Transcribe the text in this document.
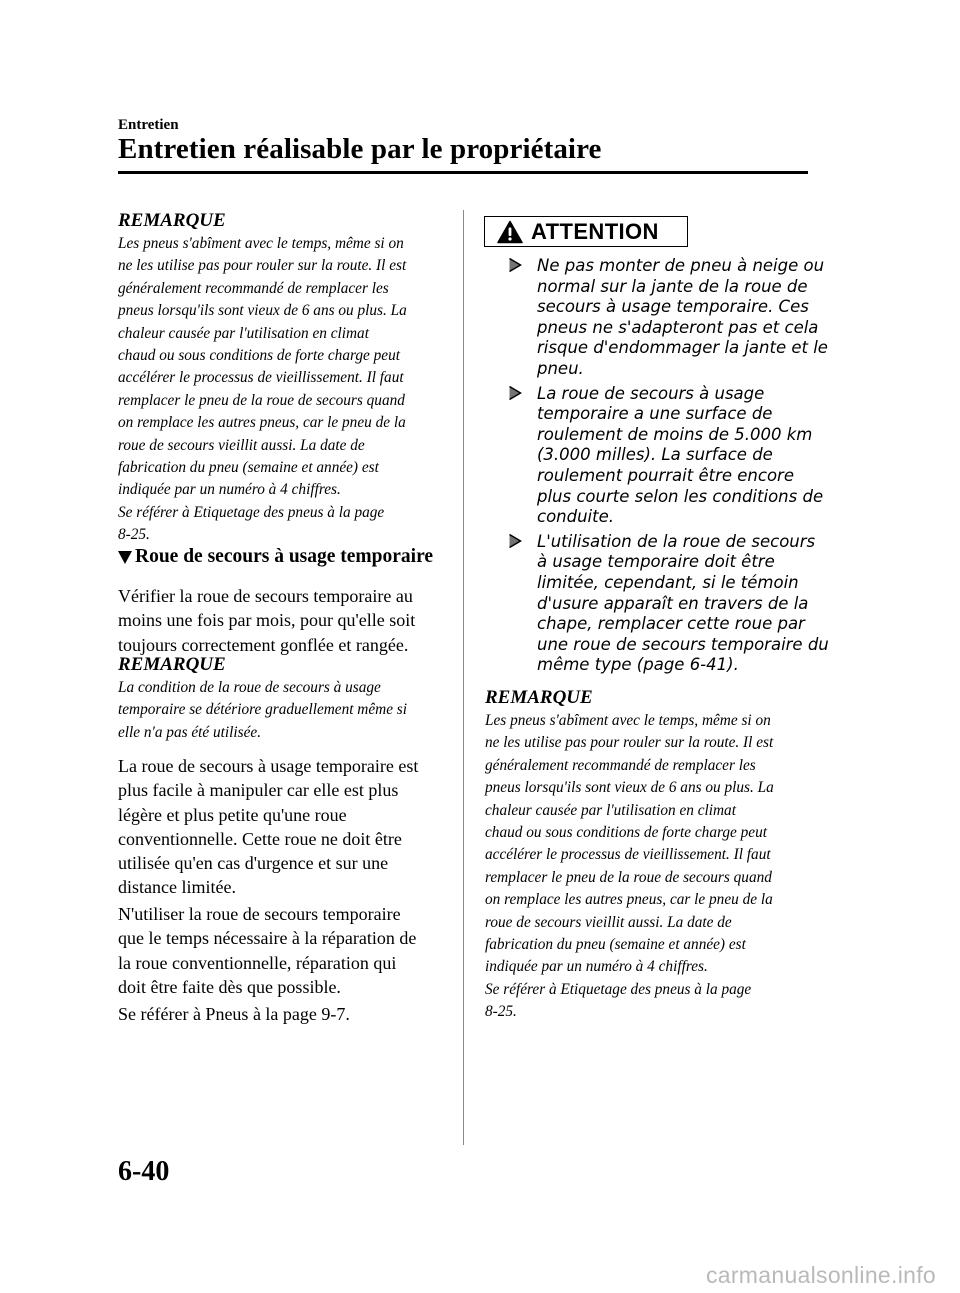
Entretien
Entretien réalisable par le propriétaire
REMARQUE
Les pneus s'abîment avec le temps, même si on
ne les utilise pas pour rouler sur la route. Il est
généralement recommandé de remplacer les
pneus lorsqu'ils sont vieux de 6 ans ou plus. La
chaleur causée par l'utilisation en climat
chaud ou sous conditions de forte charge peut
accélérer le processus de vieillissement. Il faut
remplacer le pneu de la roue de secours quand
on remplace les autres pneus, car le pneu de la
roue de secours vieillit aussi. La date de
fabrication du pneu (semaine et année) est
indiquée par un numéro à 4 chiffres.
Se référer à Etiquetage des pneus à la page
8-25.
Roue de secours à usage temporaire
Vérifier la roue de secours temporaire au
moins une fois par mois, pour qu'elle soit
toujours correctement gonflée et rangée.
REMARQUE
La condition de la roue de secours à usage
temporaire se détériore graduellement même si
elle n'a pas été utilisée.
La roue de secours à usage temporaire est
plus facile à manipuler car elle est plus
légère et plus petite qu'une roue
conventionnelle. Cette roue ne doit être
utilisée qu'en cas d'urgence et sur une
distance limitée.
N'utiliser la roue de secours temporaire
que le temps nécessaire à la réparation de
la roue conventionnelle, réparation qui
doit être faite dès que possible.
Se référer à Pneus à la page 9-7.
ATTENTION
Ne pas monter de pneu à neige ou
normal sur la jante de la roue de
secours à usage temporaire. Ces
pneus ne s'adapteront pas et cela
risque d'endommager la jante et le
pneu.
La roue de secours à usage
temporaire a une surface de
roulement de moins de 5.000 km
(3.000 milles). La surface de
roulement pourrait être encore
plus courte selon les conditions de
conduite.
L'utilisation de la roue de secours
à usage temporaire doit être
limitée, cependant, si le témoin
d'usure apparaît en travers de la
chape, remplacer cette roue par
une roue de secours temporaire du
même type (page 6-41).
REMARQUE
Les pneus s'abîment avec le temps, même si on
ne les utilise pas pour rouler sur la route. Il est
généralement recommandé de remplacer les
pneus lorsqu'ils sont vieux de 6 ans ou plus. La
chaleur causée par l'utilisation en climat
chaud ou sous conditions de forte charge peut
accélérer le processus de vieillissement. Il faut
remplacer le pneu de la roue de secours quand
on remplace les autres pneus, car le pneu de la
roue de secours vieillit aussi. La date de
fabrication du pneu (semaine et année) est
indiquée par un numéro à 4 chiffres.
Se référer à Etiquetage des pneus à la page
8-25.
6-40
carmanualsonline.info
